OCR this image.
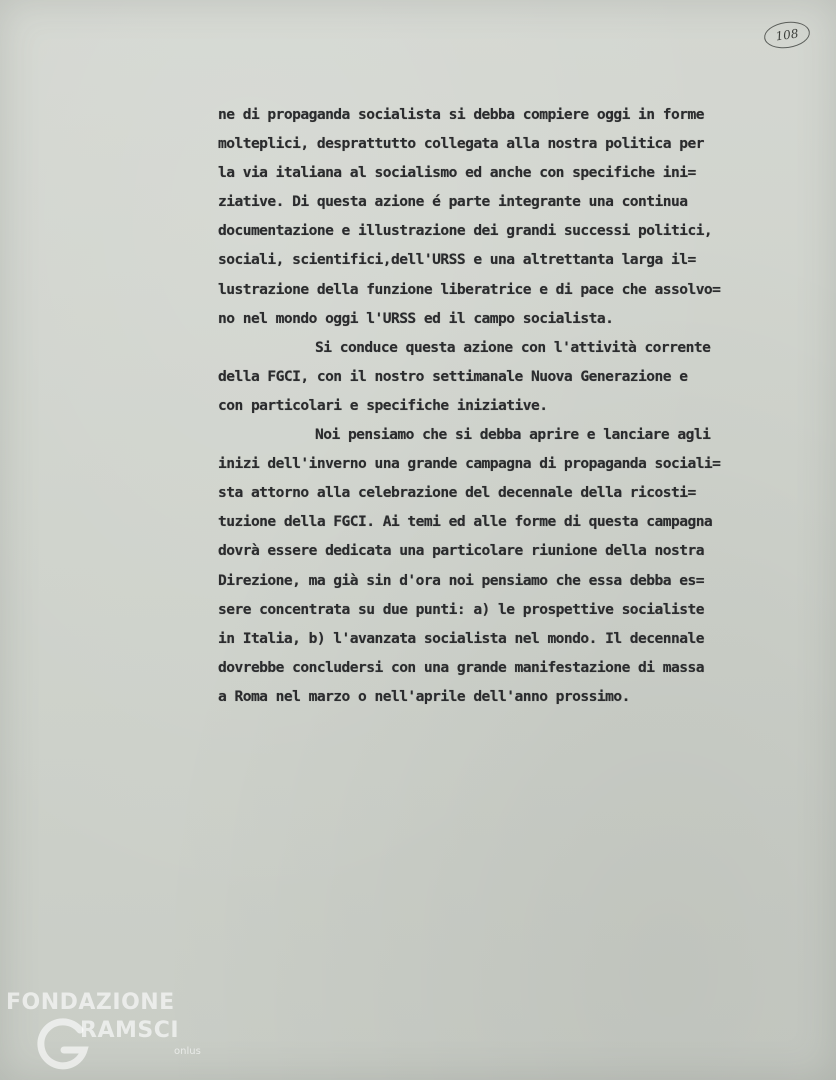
108
ne di propaganda socialista si debba compiere oggi in forme
molteplici, desprattutto collegata alla nostra politica per
la via italiana al socialismo ed anche con specifiche ini=
ziative. Di questa azione é parte integrante una continua
documentazione e illustrazione dei grandi successi politici,
sociali, scientifici,dell'URSS e una altrettanta larga il=
lustrazione della funzione liberatrice e di pace che assolvo=
no nel mondo oggi l'URSS ed il campo socialista.
Si conduce questa azione con l'attività corrente
della FGCI, con il nostro settimanale Nuova Generazione e
con particolari e specifiche iniziative.
Noi pensiamo che si debba aprire e lanciare agli
inizi dell'inverno una grande campagna di propaganda sociali=
sta attorno alla celebrazione del decennale della ricosti=
tuzione della FGCI. Ai temi ed alle forme di questa campagna
dovrà essere dedicata una particolare riunione della nostra
Direzione, ma già sin d'ora noi pensiamo che essa debba es=
sere concentrata su due punti: a) le prospettive socialiste
in Italia, b) l'avanzata socialista nel mondo. Il decennale
dovrebbe concludersi con una grande manifestazione di massa
a Roma nel marzo o nell'aprile dell'anno prossimo.
FONDAZIONE
RAMSCI
onlus
